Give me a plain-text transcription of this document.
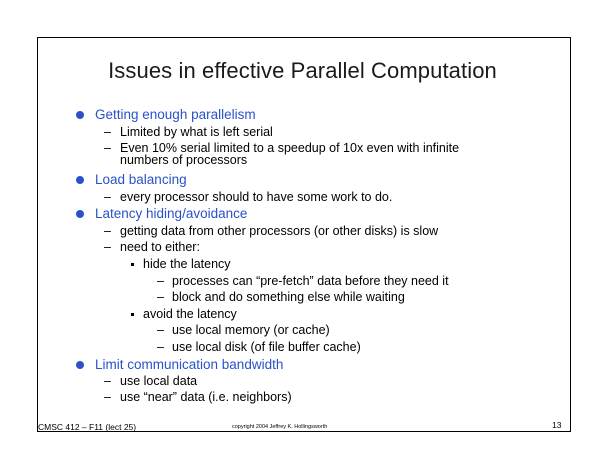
Issues in effective Parallel Computation
Getting enough parallelism
– Limited by what is left serial
– Even 10% serial limited to a speedup of 10x even with infinite
numbers of processors
Load balancing
– every processor should to have some work to do.
Latency hiding/avoidance
– getting data from other processors (or other disks) is slow
– need to either:
hide the latency
– processes can “pre-fetch” data before they need it
– block and do something else while waiting
avoid the latency
– use local memory (or cache)
– use local disk (of file buffer cache)
Limit communication bandwidth
– use local data
– use “near” data (i.e. neighbors)
CMSC 412 – F11 (lect 25)	copyright 2004 Jeffrey K. Hollingsworth	13
